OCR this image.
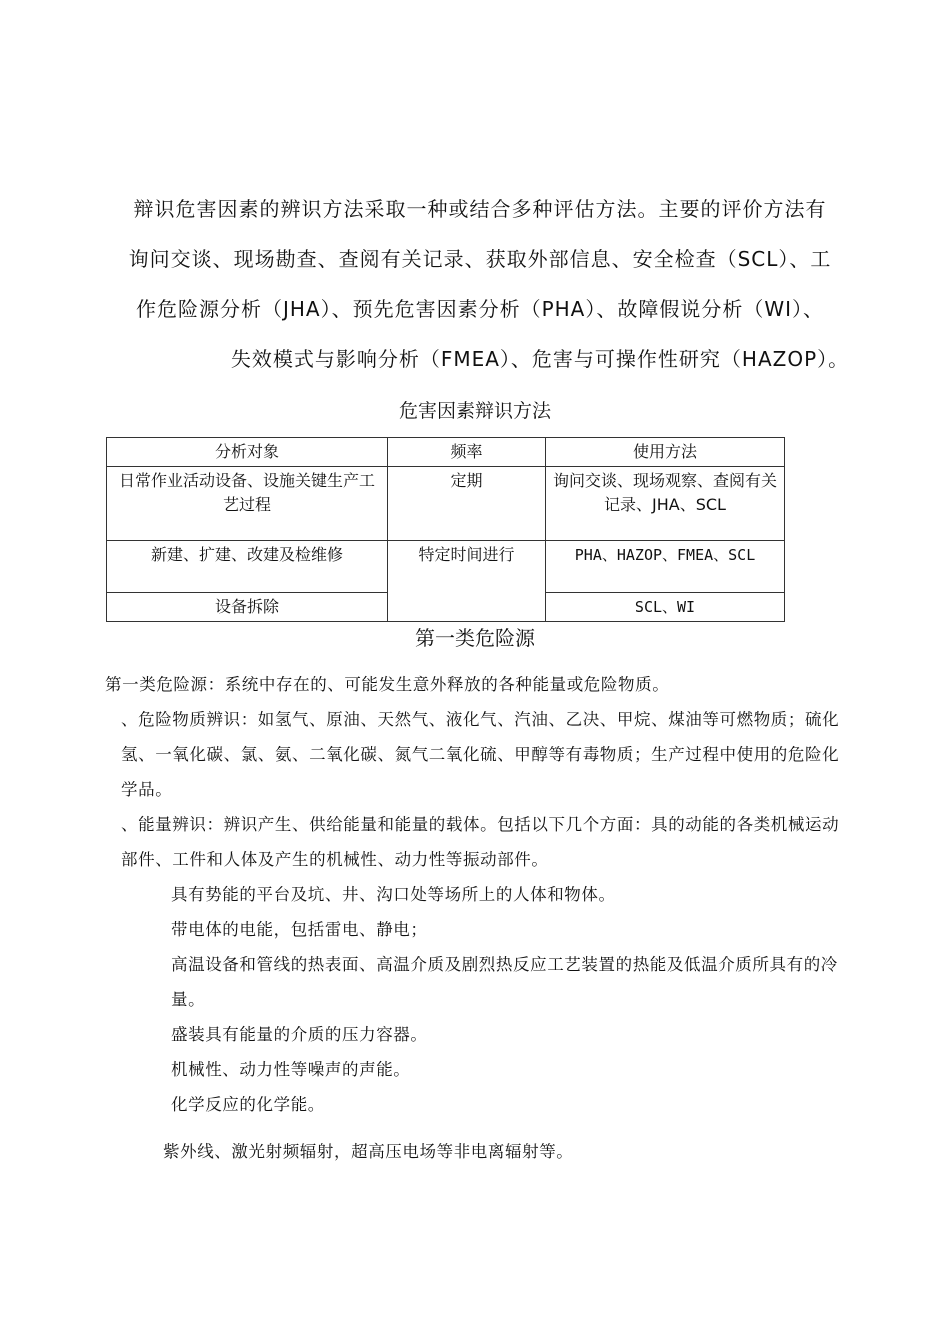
辩识危害因素的辨识方法采取一种或结合多种评估方法。主要的评价方法有

询问交谈、现场勘查、查阅有关记录、获取外部信息、安全检查（SCL）、工

作危险源分析（JHA）、预先危害因素分析（PHA）、故障假说分析（WI）、

失效模式与影响分析（FMEA）、危害与可操作性研究（HAZOP）。

危害因素辩识方法
分析对象	频率	使用方法
日常作业活动设备、设施关键生产工艺过程	定期	询问交谈、现场观察、查阅有关记录、JHA、SCL
新建、扩建、改建及检维修	特定时间进行	PHA、HAZOP、FMEA、SCL
设备拆除		SCL、WI
第一类危险源

第一类危险源：系统中存在的、可能发生意外释放的各种能量或危险物质。

、危险物质辨识：如氢气、原油、天然气、液化气、汽油、乙决、甲烷、煤油等可燃物质；硫化氢、一氧化碳、氯、氨、二氧化碳、氮气二氧化硫、甲醇等有毒物质；生产过程中使用的危险化学品。

、能量辨识：辨识产生、供给能量和能量的载体。包括以下几个方面：具的动能的各类机械运动部件、工件和人体及产生的机械性、动力性等振动部件。

具有势能的平台及坑、井、沟口处等场所上的人体和物体。

带电体的电能，包括雷电、静电；

高温设备和管线的热表面、高温介质及剧烈热反应工艺装置的热能及低温介质所具有的冷量。

盛装具有能量的介质的压力容器。

机械性、动力性等噪声的声能。

化学反应的化学能。

紫外线、激光射频辐射，超高压电场等非电离辐射等。
